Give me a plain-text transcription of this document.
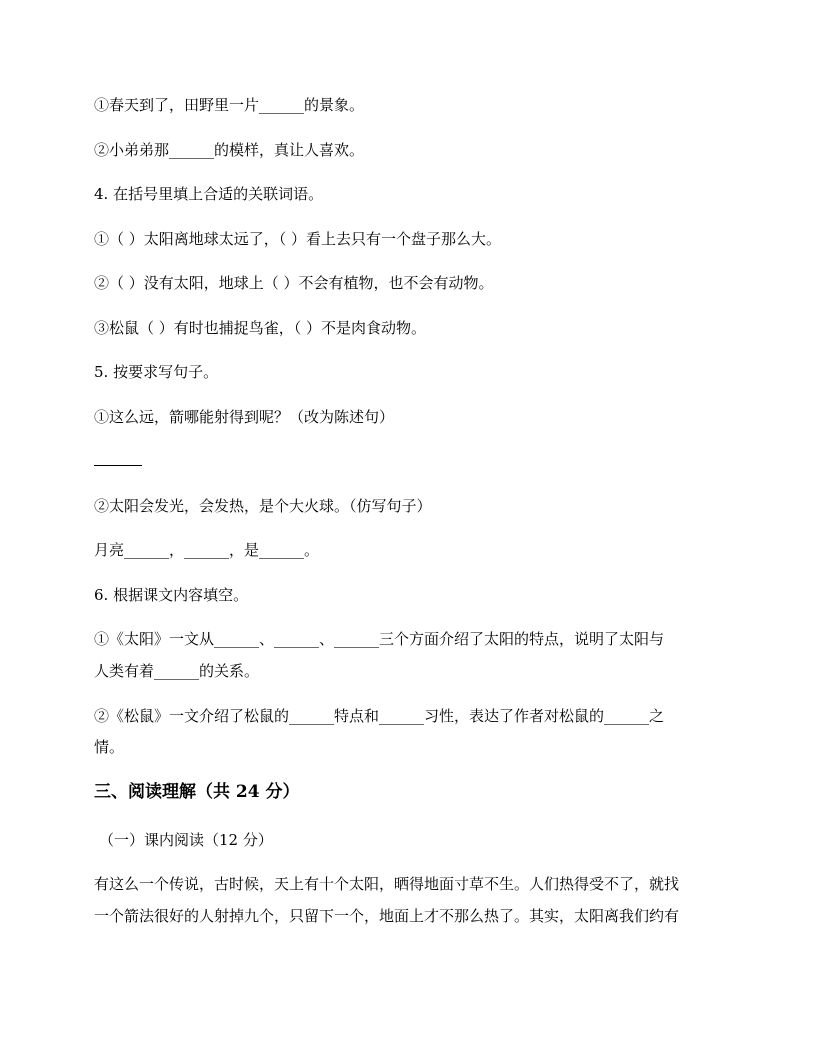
①春天到了，田野里一片______的景象。
②小弟弟那______的模样，真让人喜欢。
4. 在括号里填上合适的关联词语。
①（ ）太阳离地球太远了，（ ）看上去只有一个盘子那么大。
②（ ）没有太阳，地球上（ ）不会有植物，也不会有动物。
③松鼠（ ）有时也捕捉鸟雀，（ ）不是肉食动物。
5. 按要求写句子。
①这么远，箭哪能射得到呢？（改为陈述句）
②太阳会发光，会发热，是个大火球。（仿写句子）
月亮______，______，是______。
6. 根据课文内容填空。
①《太阳》一文从______、______、______三个方面介绍了太阳的特点，说明了太阳与
人类有着______的关系。
②《松鼠》一文介绍了松鼠的______特点和______习性，表达了作者对松鼠的______之
情。
三、阅读理解（共 24 分）
（一）课内阅读（12 分）
有这么一个传说，古时候，天上有十个太阳，晒得地面寸草不生。人们热得受不了，就找
一个箭法很好的人射掉九个，只留下一个，地面上才不那么热了。其实，太阳离我们约有
